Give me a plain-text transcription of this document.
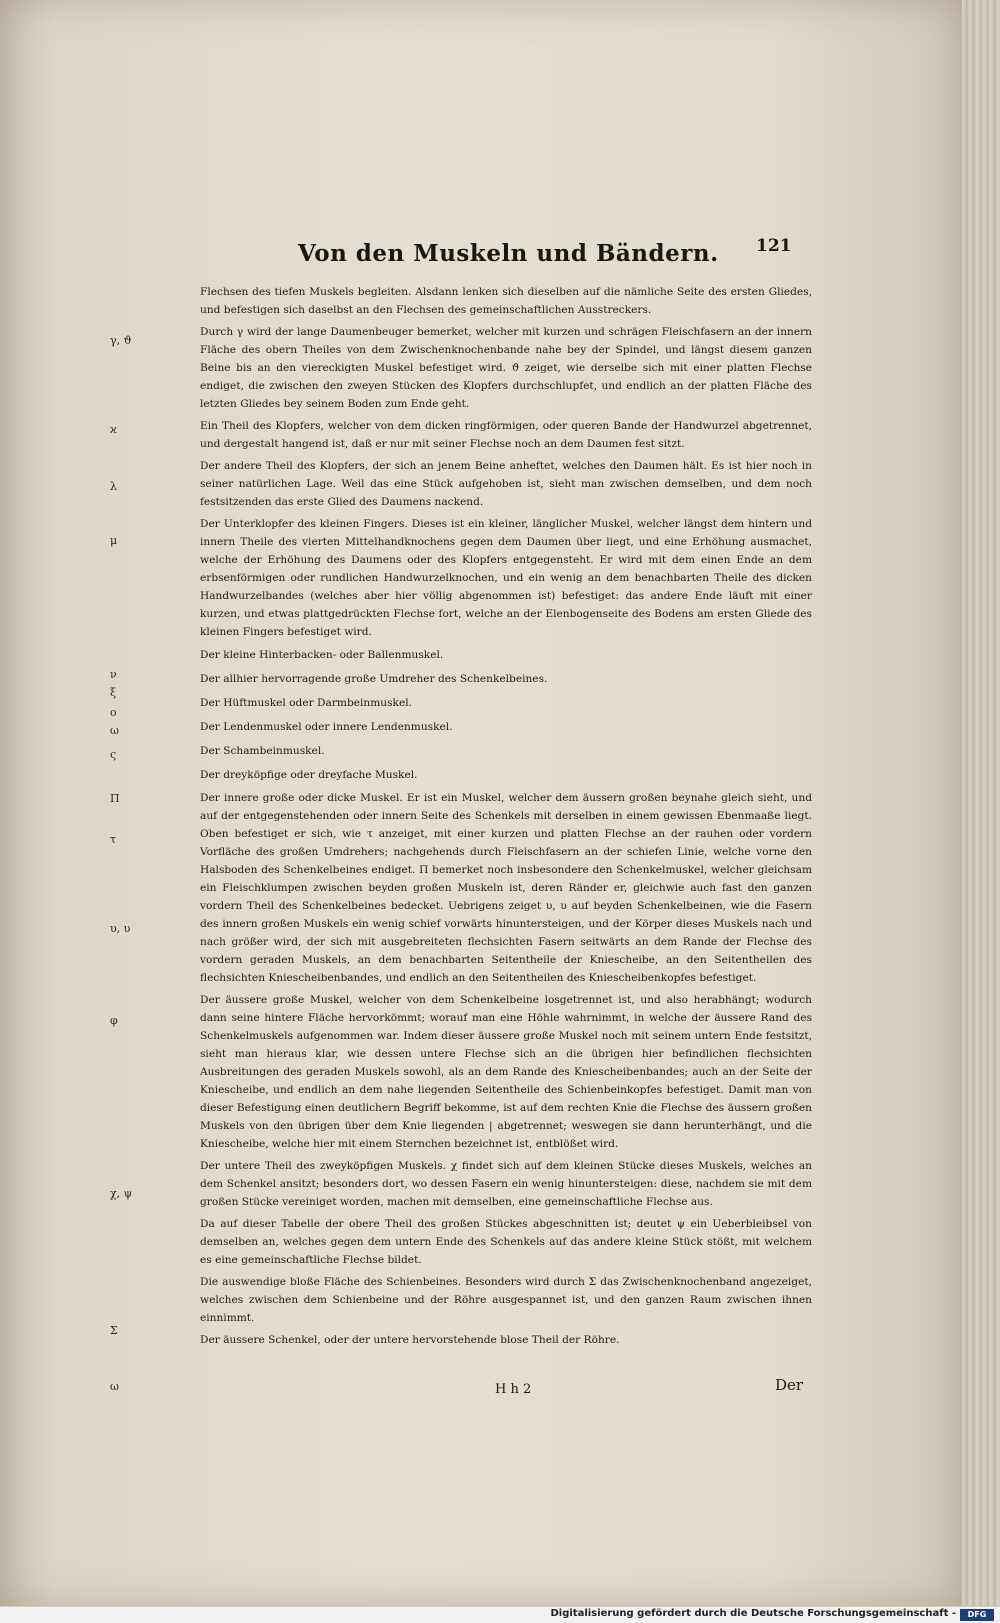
Von den Muskeln und Bändern. 121
γ, ϑ
ϰ
λ
μ
ν
ξ
o
ω
ς
Π
τ
υ, υ
φ
χ, ψ
Σ
ω

Flechsen des tiefen Muskels begleiten. Alsdann lenken sich dieselben auf die nämliche Seite des ersten Gliedes, und befestigen sich daselbst an den Flechsen des gemeinschaftlichen Ausstreckers.

Durch γ wird der lange Daumenbeuger bemerket, welcher mit kurzen und schrägen Fleischfasern an der innern Fläche des obern Theiles von dem Zwischenknochenbande nahe bey der Spindel, und längst diesem ganzen Beine bis an den viereckigten Muskel befestiget wird. ϑ zeiget, wie derselbe sich mit einer platten Flechse endiget, die zwischen den zweyen Stücken des Klopfers durchschlupfet, und endlich an der platten Fläche des letzten Gliedes bey seinem Boden zum Ende geht.

Ein Theil des Klopfers, welcher von dem dicken ringförmigen, oder queren Bande der Handwurzel abgetrennet, und dergestalt hangend ist, daß er nur mit seiner Flechse noch an dem Daumen fest sitzt.

Der andere Theil des Klopfers, der sich an jenem Beine anheftet, welches den Daumen hält. Es ist hier noch in seiner natürlichen Lage. Weil das eine Stück aufgehoben ist, sieht man zwischen demselben, und dem noch festsitzenden das erste Glied des Daumens nackend.

Der Unterklopfer des kleinen Fingers. Dieses ist ein kleiner, länglicher Muskel, welcher längst dem hintern und innern Theile des vierten Mittelhandknochens gegen dem Daumen über liegt, und eine Erhöhung ausmachet, welche der Erhöhung des Daumens oder des Klopfers entgegensteht. Er wird mit dem einen Ende an dem erbsenförmigen oder rundlichen Handwurzelknochen, und ein wenig an dem benachbarten Theile des dicken Handwurzelbandes (welches aber hier völlig abgenommen ist) befestiget: das andere Ende läuft mit einer kurzen, und etwas plattgedrückten Flechse fort, welche an der Elenbogenseite des Bodens am ersten Gliede des kleinen Fingers befestiget wird.

Der kleine Hinterbacken- oder Ballenmuskel.

Der allhier hervorragende große Umdreher des Schenkelbeines.

Der Hüftmuskel oder Darmbeinmuskel.

Der Lendenmuskel oder innere Lendenmuskel.

Der Schambeinmuskel.

Der dreyköpfige oder dreyfache Muskel.

Der innere große oder dicke Muskel. Er ist ein Muskel, welcher dem äussern großen beynahe gleich sieht, und auf der entgegenstehenden oder innern Seite des Schenkels mit derselben in einem gewissen Ebenmaaße liegt. Oben befestiget er sich, wie τ anzeiget, mit einer kurzen und platten Flechse an der rauhen oder vordern Vorfläche des großen Umdrehers; nachgehends durch Fleischfasern an der schiefen Linie, welche vorne den Halsboden des Schenkelbeines endiget. Π bemerket noch insbesondere den Schenkelmuskel, welcher gleichsam ein Fleischklumpen zwischen beyden großen Muskeln ist, deren Ränder er, gleichwie auch fast den ganzen vordern Theil des Schenkelbeines bedecket. Uebrigens zeiget υ, υ auf beyden Schenkelbeinen, wie die Fasern des innern großen Muskels ein wenig schief vorwärts hinuntersteigen, und der Körper dieses Muskels nach und nach größer wird, der sich mit ausgebreiteten flechsichten Fasern seitwärts an dem Rande der Flechse des vordern geraden Muskels, an dem benachbarten Seitentheile der Kniescheibe, an den Seitentheilen des flechsichten Kniescheibenbandes, und endlich an den Seitentheilen des Kniescheibenkopfes befestiget.

Der äussere große Muskel, welcher von dem Schenkelbeine losgetrennet ist, und also herabhängt; wodurch dann seine hintere Fläche hervorkömmt; worauf man eine Höhle wahrnimmt, in welche der äussere Rand des Schenkelmuskels aufgenommen war. Indem dieser äussere große Muskel noch mit seinem untern Ende festsitzt, sieht man hieraus klar, wie dessen untere Flechse sich an die übrigen hier befindlichen flechsichten Ausbreitungen des geraden Muskels sowohl, als an dem Rande des Kniescheibenbandes; auch an der Seite der Kniescheibe, und endlich an dem nahe liegenden Seitentheile des Schienbeinkopfes befestiget. Damit man von dieser Befestigung einen deutlichern Begriff bekomme, ist auf dem rechten Knie die Flechse des äussern großen Muskels von den übrigen über dem Knie liegenden | abgetrennet; weswegen sie dann herunterhängt, und die Kniescheibe, welche hier mit einem Sternchen bezeichnet ist, entblößet wird.

Der untere Theil des zweyköpfigen Muskels. χ findet sich auf dem kleinen Stücke dieses Muskels, welches an dem Schenkel ansitzt; besonders dort, wo dessen Fasern ein wenig hinuntersteigen: diese, nachdem sie mit dem großen Stücke vereiniget worden, machen mit demselben, eine gemeinschaftliche Flechse aus.

Da auf dieser Tabelle der obere Theil des großen Stückes abgeschnitten ist; deutet ψ ein Ueberbleibsel von demselben an, welches gegen dem untern Ende des Schenkels auf das andere kleine Stück stößt, mit welchem es eine gemeinschaftliche Flechse bildet.

Die auswendige bloße Fläche des Schienbeines. Besonders wird durch Σ das Zwischenknochenband angezeiget, welches zwischen dem Schienbeine und der Röhre ausgespannet ist, und den ganzen Raum zwischen ihnen einnimmt.

Der äussere Schenkel, oder der untere hervorstehende blose Theil der Röhre.

H h 2	Der
Digitalisierung gefördert durch die Deutsche Forschungsgemeinschaft -	DFG
